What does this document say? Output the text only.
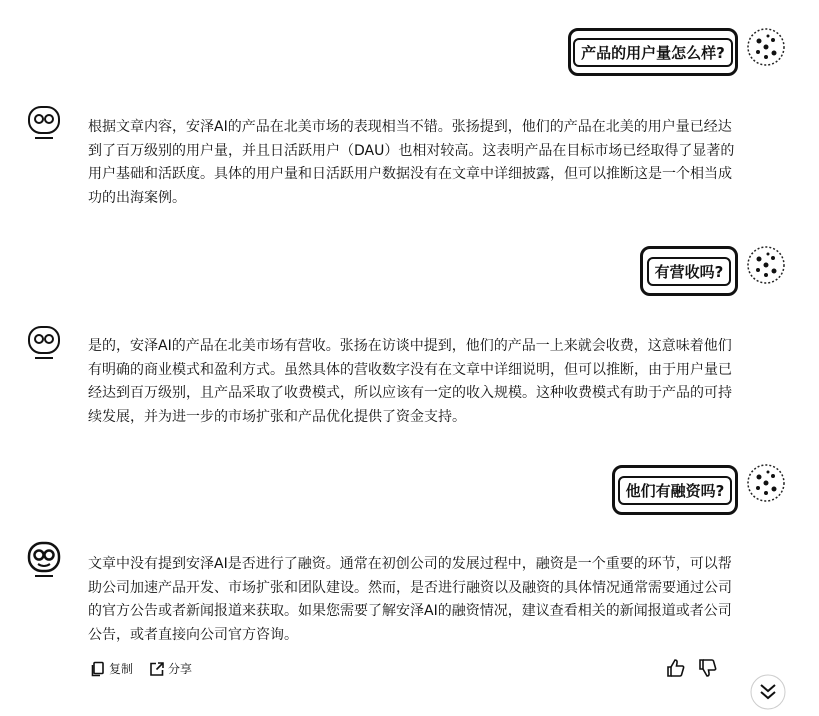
产品的用户量怎么样?

根据文章内容，安泽AI的产品在北美市场的表现相当不错。张扬提到，他们的产品在北美的用户量已经达到了百万级别的用户量，并且日活跃用户（DAU）也相对较高。这表明产品在目标市场已经取得了显著的用户基础和活跃度。具体的用户量和日活跃用户数据没有在文章中详细披露，但可以推断这是一个相当成功的出海案例。

有营收吗?

是的，安泽AI的产品在北美市场有营收。张扬在访谈中提到，他们的产品一上来就会收费，这意味着他们有明确的商业模式和盈利方式。虽然具体的营收数字没有在文章中详细说明，但可以推断，由于用户量已经达到百万级别，且产品采取了收费模式，所以应该有一定的收入规模。这种收费模式有助于产品的可持续发展，并为进一步的市场扩张和产品优化提供了资金支持。

他们有融资吗?

文章中没有提到安泽AI是否进行了融资。通常在初创公司的发展过程中，融资是一个重要的环节，可以帮助公司加速产品开发、市场扩张和团队建设。然而，是否进行融资以及融资的具体情况通常需要通过公司的官方公告或者新闻报道来获取。如果您需要了解安泽AI的融资情况，建议查看相关的新闻报道或者公司公告，或者直接向公司官方咨询。

复制	分享
